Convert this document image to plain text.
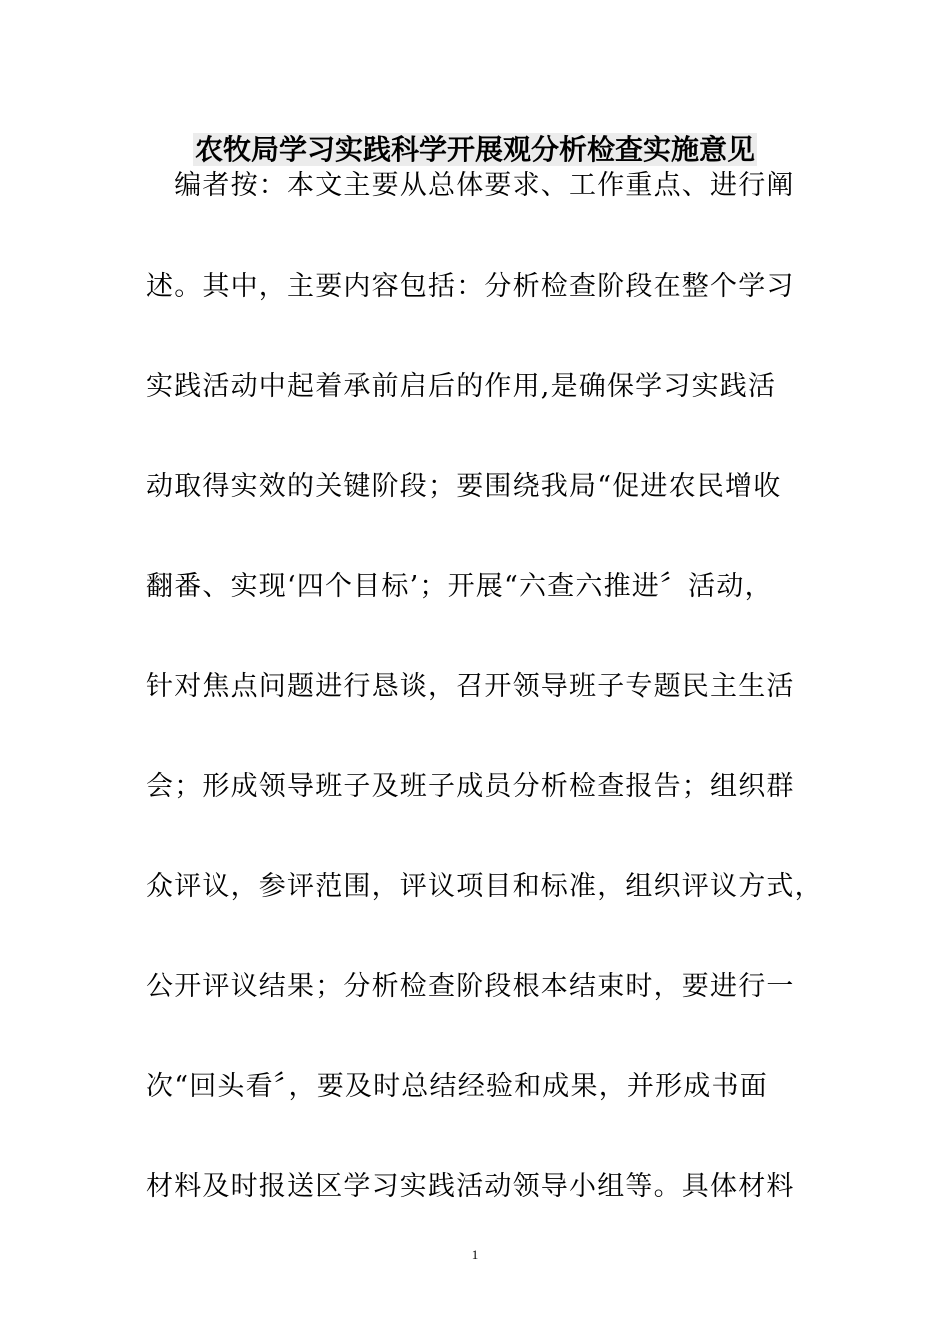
农牧局学习实践科学开展观分析检查实施意见
　编者按：本文主要从总体要求、工作重点、进行阐
述。其中，主要内容包括：分析检查阶段在整个学习
实践活动中起着承前启后的作用,是确保学习实践活
动取得实效的关键阶段；要围绕我局“促进农民增收
翻番、实现‘四个目标’；开展“六查六推进〞活动，
针对焦点问题进行恳谈，召开领导班子专题民主生活
会；形成领导班子及班子成员分析检查报告；组织群
众评议，参评范围，评议项目和标准，组织评议方式，
公开评议结果；分析检查阶段根本结束时，要进行一
次“回头看〞，要及时总结经验和成果，并形成书面
材料及时报送区学习实践活动领导小组等。具体材料
1
